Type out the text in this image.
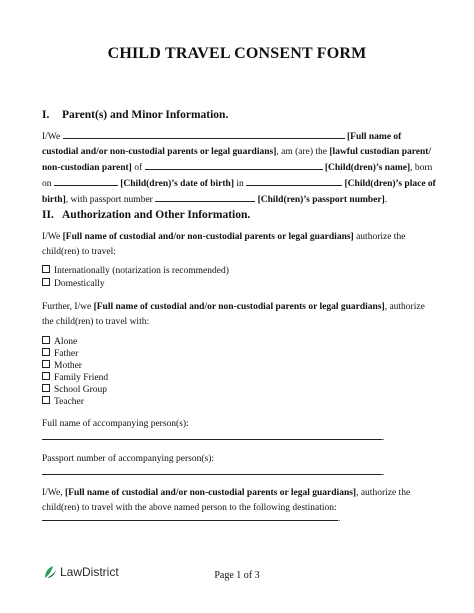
CHILD TRAVEL CONSENT FORM
I. Parent(s) and Minor Information.
I/We	[Full name of custodial and/or non-custodial parents or legal guardians], am (are) the [lawful custodian parent/ non-custodian parent] of	[Child(dren)’s name], born on	[Child(dren)’s date of birth] in	[Child(dren)’s place of birth], with passport number	[Child(ren)’s passport number].
II. Authorization and Other Information.
I/We [Full name of custodial and/or non-custodial parents or legal guardians] authorize the child(ren) to travel:
Internationally (notarization is recommended)
Domestically
Further, I/we [Full name of custodial and/or non-custodial parents or legal guardians], authorize the child(ren) to travel with:
Alone
Father
Mother
Family Friend
School Group
Teacher
Full name of accompanying person(s):
.
Passport number of accompanying person(s):
.
I/We, [Full name of custodial and/or non-custodial parents or legal guardians], authorize the child(ren) to travel with the above named person to the following destination:
.
LawDistrict	Page 1 of 3
